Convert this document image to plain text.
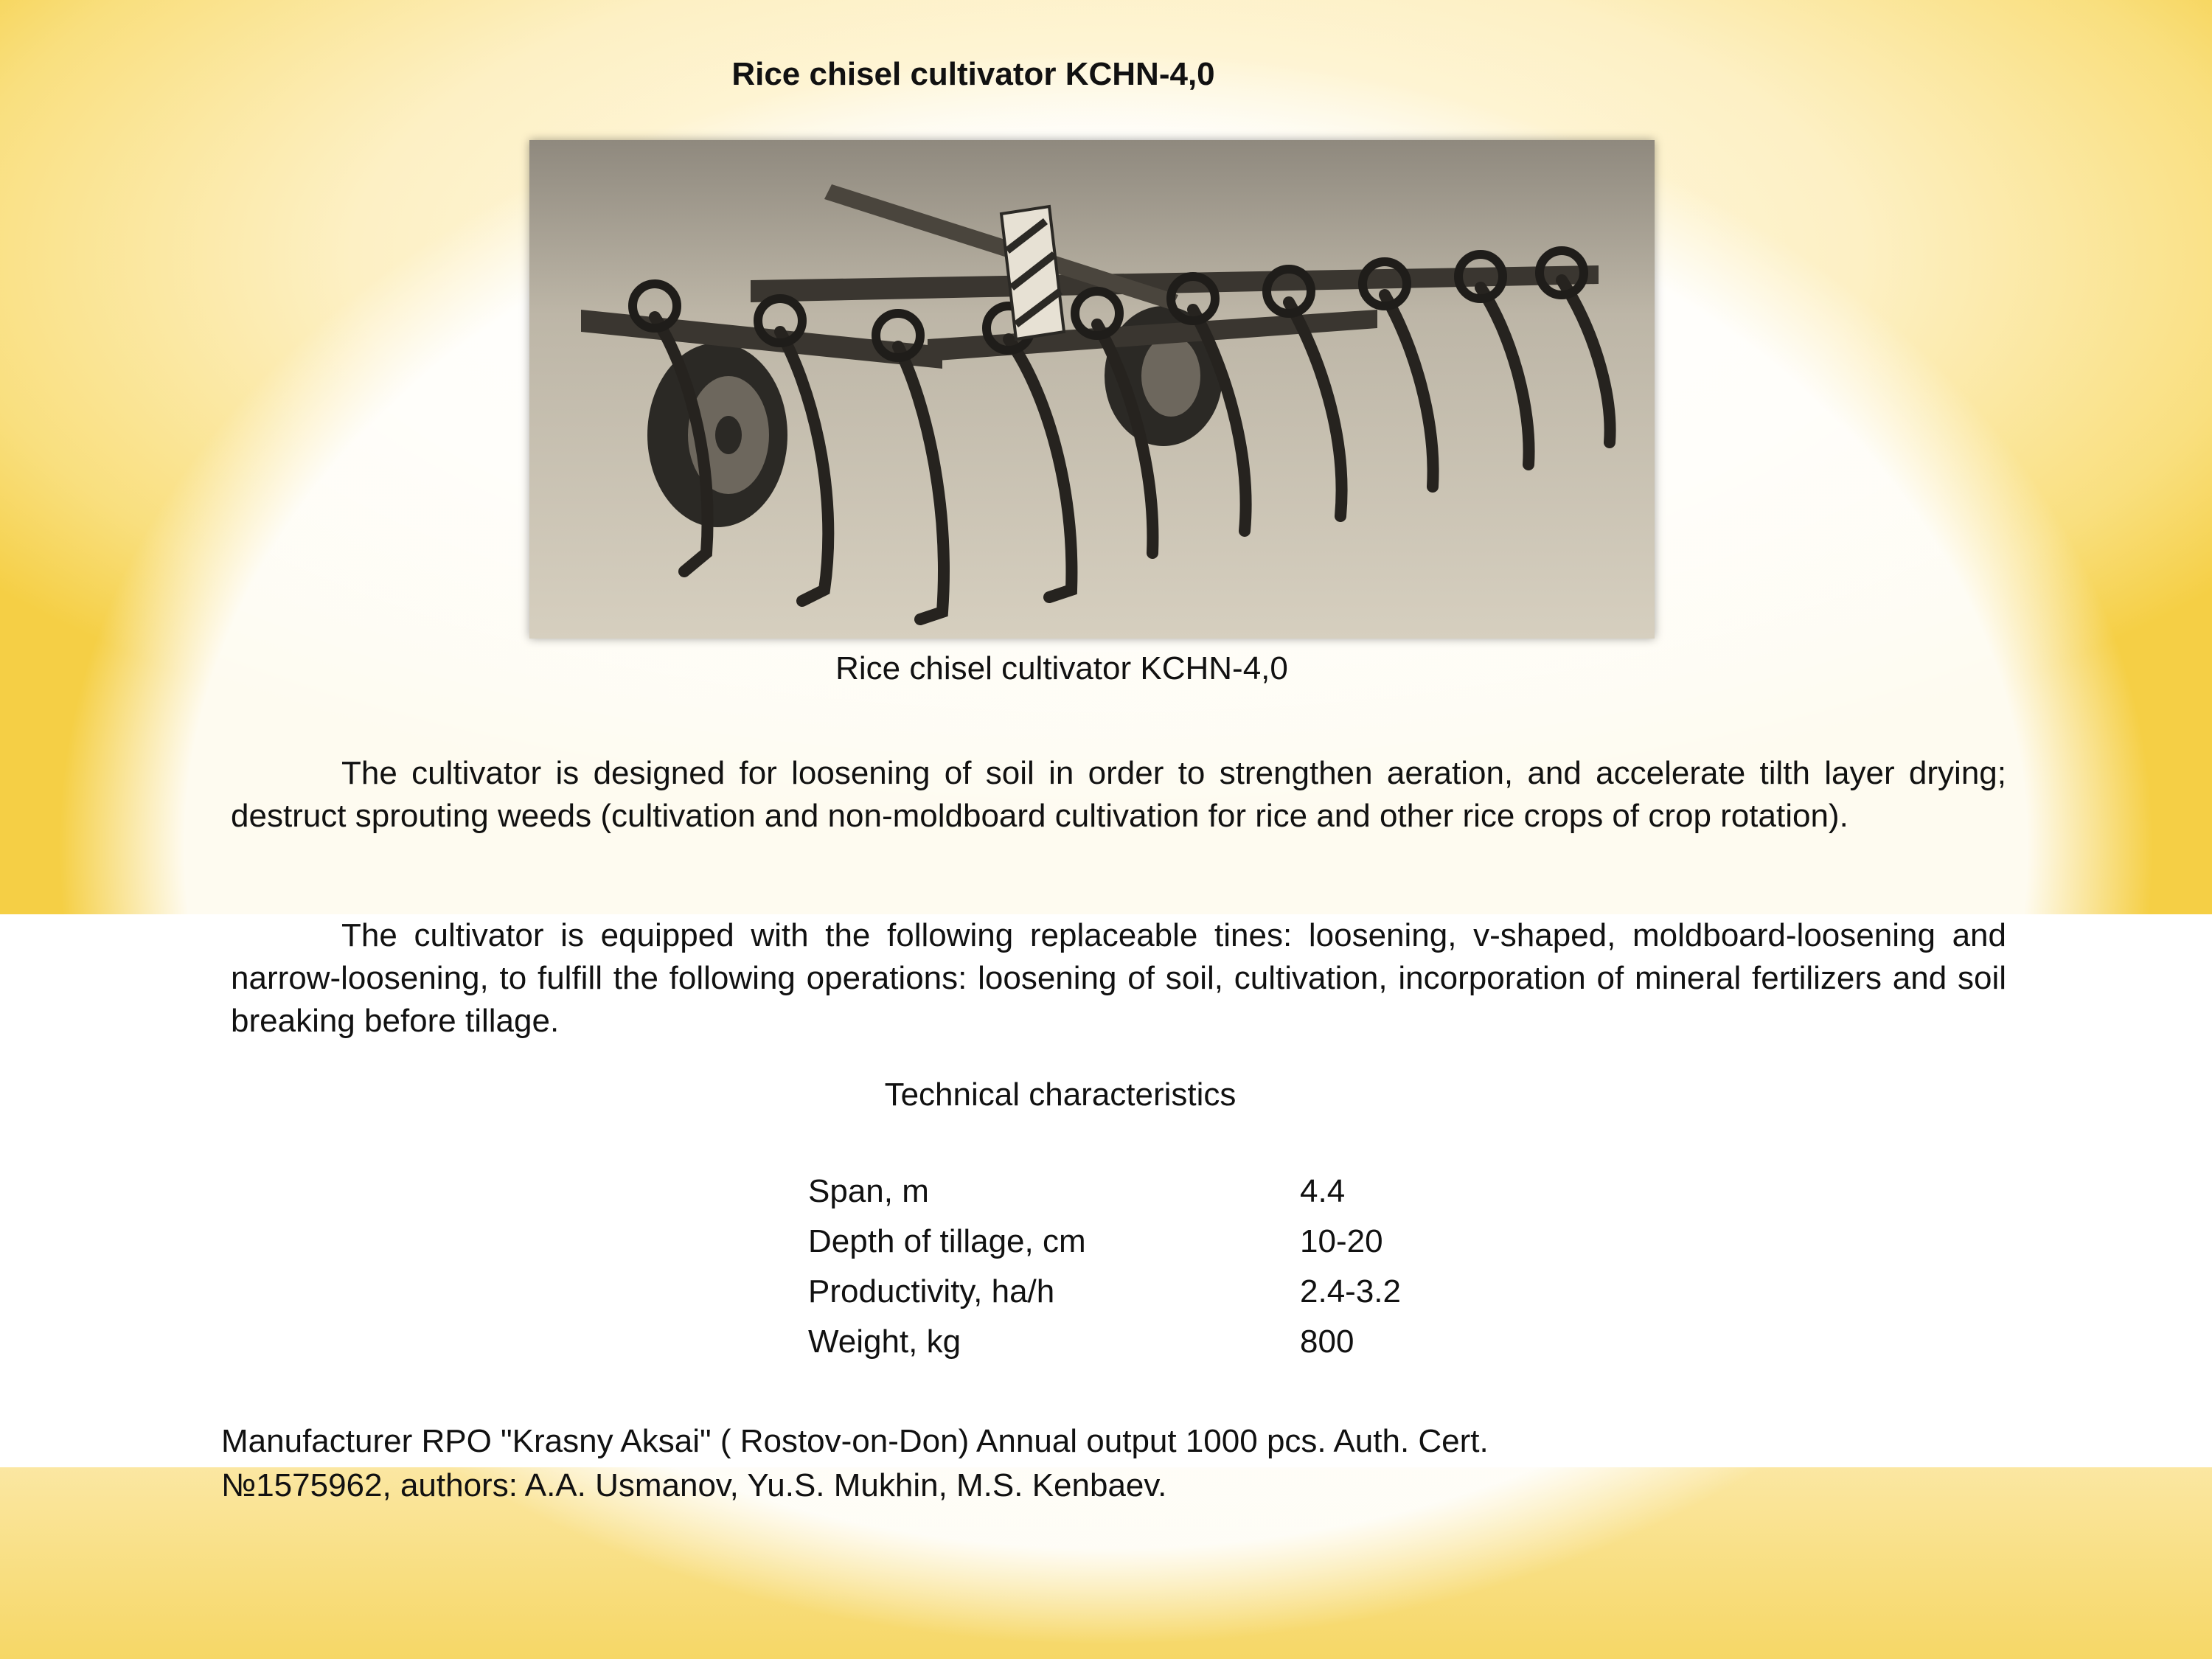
Rice chisel cultivator KCHN-4,0
Rice chisel cultivator KCHN-4,0

The cultivator is designed for loosening of soil in order to strengthen aeration, and accelerate tilth layer drying; destruct sprouting weeds (cultivation and non-moldboard cultivation for rice and other rice crops of crop rotation).

The cultivator is equipped with the following replaceable tines: loosening, v-shaped, moldboard-loosening and narrow-loosening, to fulfill the following operations: loosening of soil, cultivation, incorporation of mineral fertilizers and soil breaking before tillage.

Technical characteristics
Span, m	4.4
Depth of tillage, cm	10-20
Productivity, ha/h	2.4-3.2
Weight, kg	800
Manufacturer RPO "Krasny Aksai" ( Rostov-on-Don) Annual output 1000 pcs. Auth. Cert.
№1575962, authors: A.A. Usmanov, Yu.S. Mukhin, M.S. Kenbaev.
